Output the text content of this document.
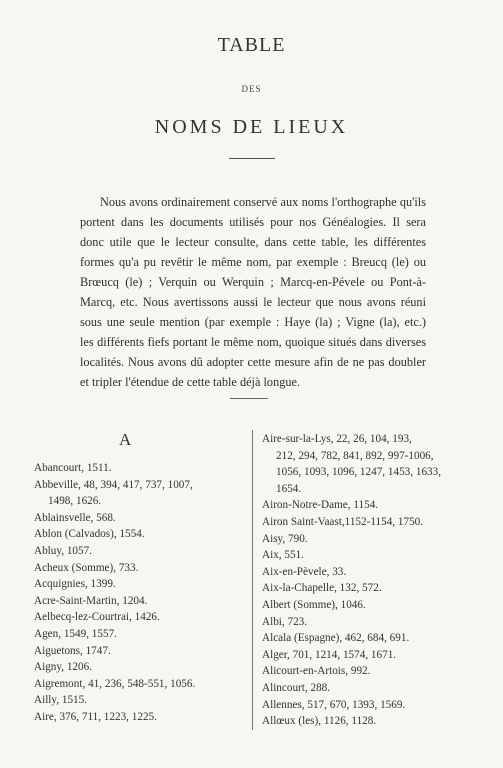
TABLE
DES
NOMS DE LIEUX
Nous avons ordinairement conservé aux noms l'orthographe qu'ils
portent dans les documents utilisés pour nos Généalogies. Il sera
donc utile que le lecteur consulte, dans cette table, les différentes
formes qu'a pu revêtir le même nom, par exemple : Breucq (le) ou
Brœucq (le) ; Verquin ou Werquin ; Marcq-en-Pévele ou Pont-à-
Marcq, etc. Nous avertissons aussi le lecteur que nous avons réuni
sous une seule mention (par exemple : Haye (la) ; Vigne (la), etc.)
les différents fiefs portant le même nom, quoique situés dans diverses
localités. Nous avons dû adopter cette mesure afin de ne pas doubler
et tripler l'étendue de cette table déjà longue.
A
Abancourt, 1511.
Abbeville, 48, 394, 417, 737, 1007,
1498, 1626.
Ablainsvelle, 568.
Ablon (Calvados), 1554.
Abluy, 1057.
Acheux (Somme), 733.
Acquignies, 1399.
Acre-Saint-Martin, 1204.
Aelbecq-lez-Courtrai, 1426.
Agen, 1549, 1557.
Aiguetons, 1747.
Aigny, 1206.
Aigremont, 41, 236, 548-551, 1056.
Ailly, 1515.
Aire, 376, 711, 1223, 1225.
Aire-sur-la-Lys, 22, 26, 104, 193,
212, 294, 782, 841, 892, 997-1006,
1056, 1093, 1096, 1247, 1453, 1633,
1654.
Airon-Notre-Dame, 1154.
Airon Saint-Vaast,1152-1154, 1750.
Aisy, 790.
Aix, 551.
Aix-en-Pèvele, 33.
Aix-la-Chapelle, 132, 572.
Albert (Somme), 1046.
Albi, 723.
Alcala (Espagne), 462, 684, 691.
Alger, 701, 1214, 1574, 1671.
Alicourt-en-Artois, 992.
Alincourt, 288.
Allennes, 517, 670, 1393, 1569.
Allœux (les), 1126, 1128.
